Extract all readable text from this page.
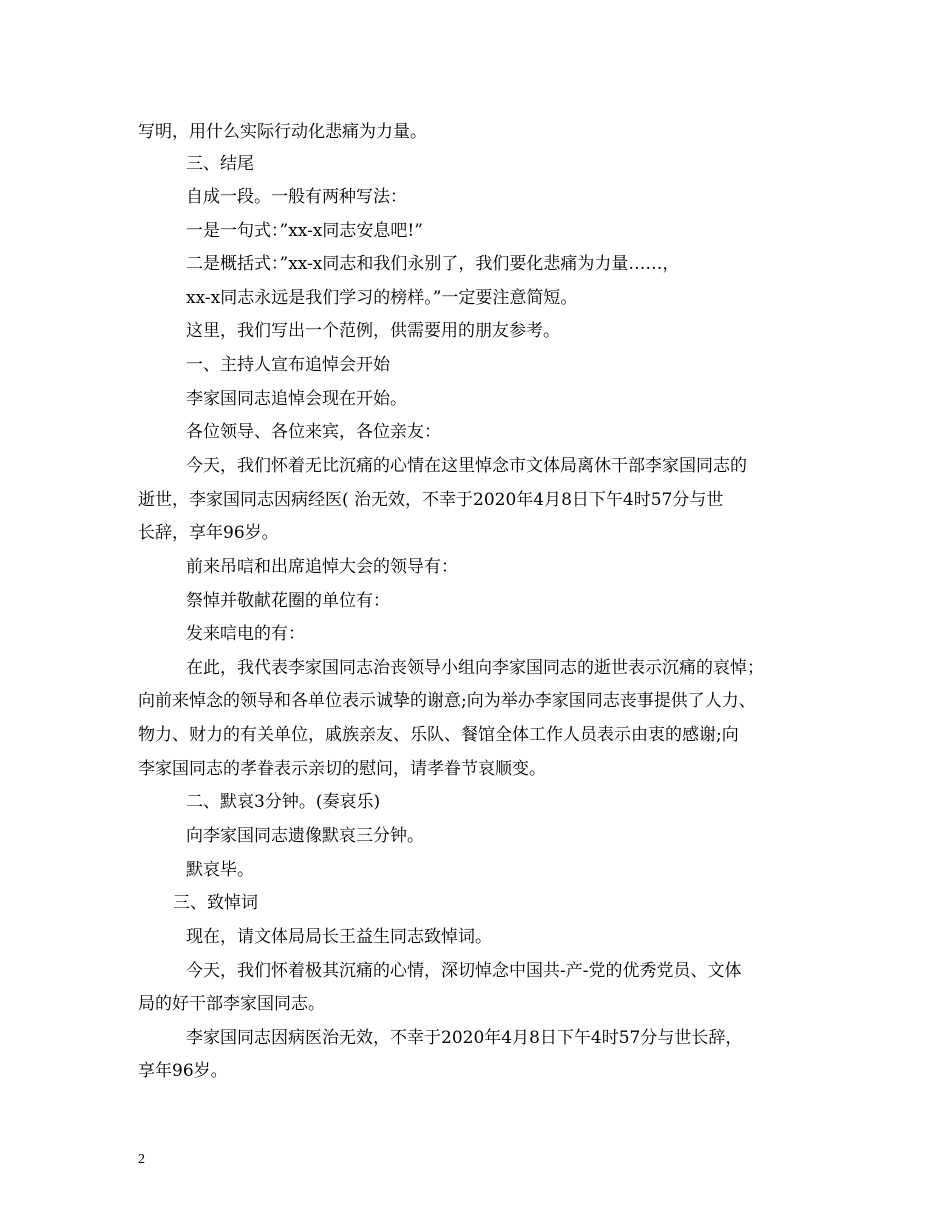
写明，用什么实际行动化悲痛为力量。
三、结尾
自成一段。一般有两种写法：
一是一句式：”xx-x同志安息吧!”
二是概括式：”xx-x同志和我们永别了，我们要化悲痛为力量……，
xx-x同志永远是我们学习的榜样。”一定要注意简短。
这里，我们写出一个范例，供需要用的朋友参考。
一、主持人宣布追悼会开始
李家国同志追悼会现在开始。
各位领导、各位来宾，各位亲友：
今天，我们怀着无比沉痛的心情在这里悼念市文体局离休干部李家国同志的
逝世，李家国同志因病经医( 治无效，不幸于2020年4月8日下午4时57分与世
长辞，享年96岁。
前来吊唁和出席追悼大会的领导有：
祭悼并敬献花圈的单位有：
发来唁电的有：
在此，我代表李家国同志治丧领导小组向李家国同志的逝世表示沉痛的哀悼；
向前来悼念的领导和各单位表示诚挚的谢意;向为举办李家国同志丧事提供了人力、
物力、财力的有关单位，戚族亲友、乐队、餐馆全体工作人员表示由衷的感谢;向
李家国同志的孝眷表示亲切的慰问，请孝眷节哀顺变。
二、默哀3分钟。(奏哀乐)
向李家国同志遗像默哀三分钟。
默哀毕。
三、致悼词
现在，请文体局局长王益生同志致悼词。
今天，我们怀着极其沉痛的心情，深切悼念中国共-产-党的优秀党员、文体
局的好干部李家国同志。
李家国同志因病医治无效，不幸于2020年4月8日下午4时57分与世长辞，
享年96岁。
2
